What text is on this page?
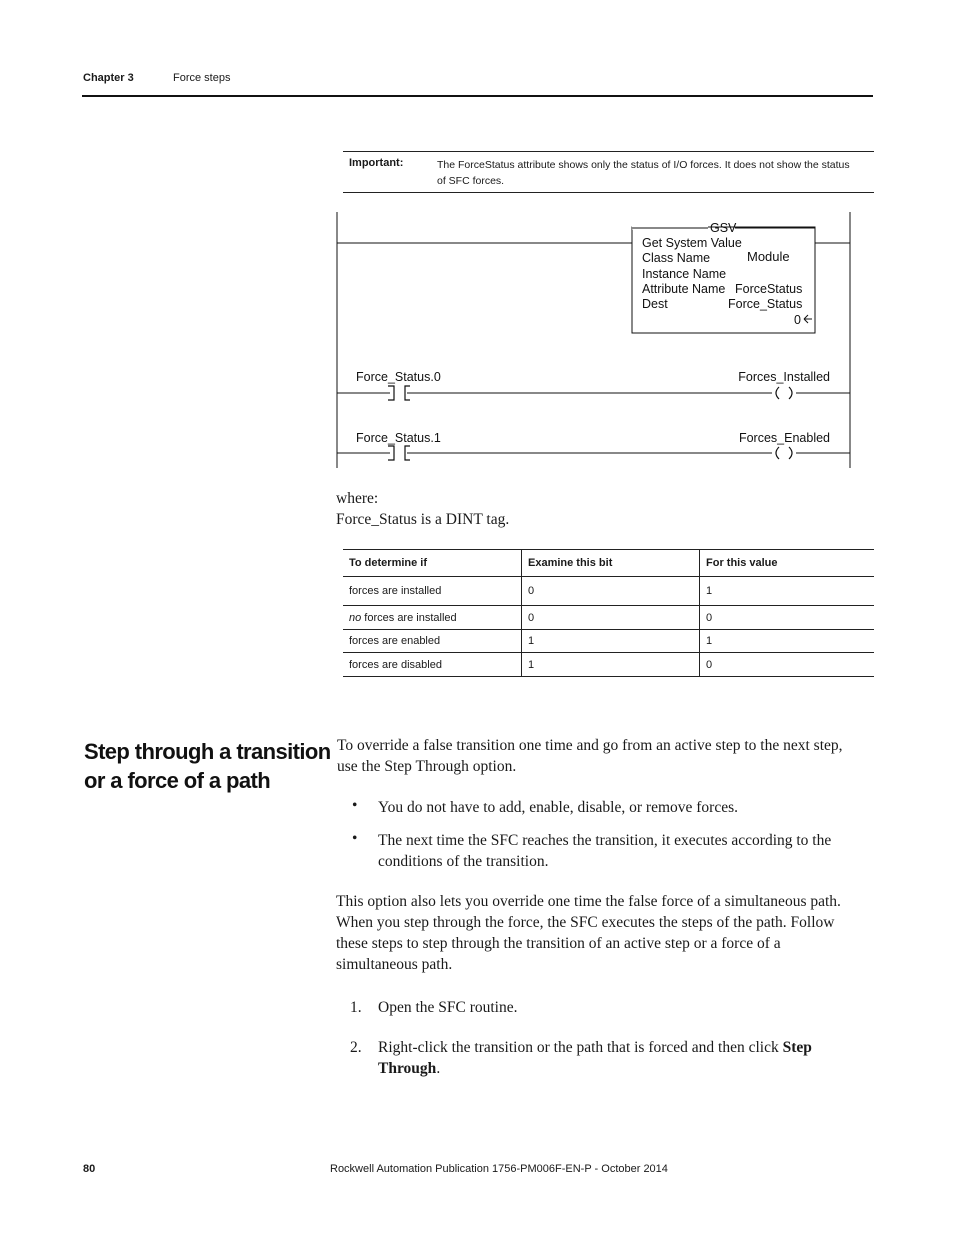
Chapter 3	Force steps
Important:	The ForceStatus attribute shows only the status of I/O forces. It does not show the status of SFC forces.
GSV
Get System Value
Class Name	Module
Instance Name
Attribute Name ForceStatus
Dest	Force_Status
0
Force_Status.0	Forces_Installed
Force_Status.1	Forces_Enabled
where:
Force_Status is a DINT tag.
To determine if	Examine this bit	For this value
forces are installed	0	1
no forces are installed	0	0
forces are enabled	1	1
forces are disabled	1	0
Step through a transition or a force of a path
To override a false transition one time and go from an active step to the next step, use the Step Through option.
• You do not have to add, enable, disable, or remove forces.
• The next time the SFC reaches the transition, it executes according to the conditions of the transition.
This option also lets you override one time the false force of a simultaneous path. When you step through the force, the SFC executes the steps of the path. Follow these steps to step through the transition of an active step or a force of a simultaneous path.
1. Open the SFC routine.
2. Right-click the transition or the path that is forced and then click Step Through.
80	Rockwell Automation Publication 1756-PM006F-EN-P - October 2014
